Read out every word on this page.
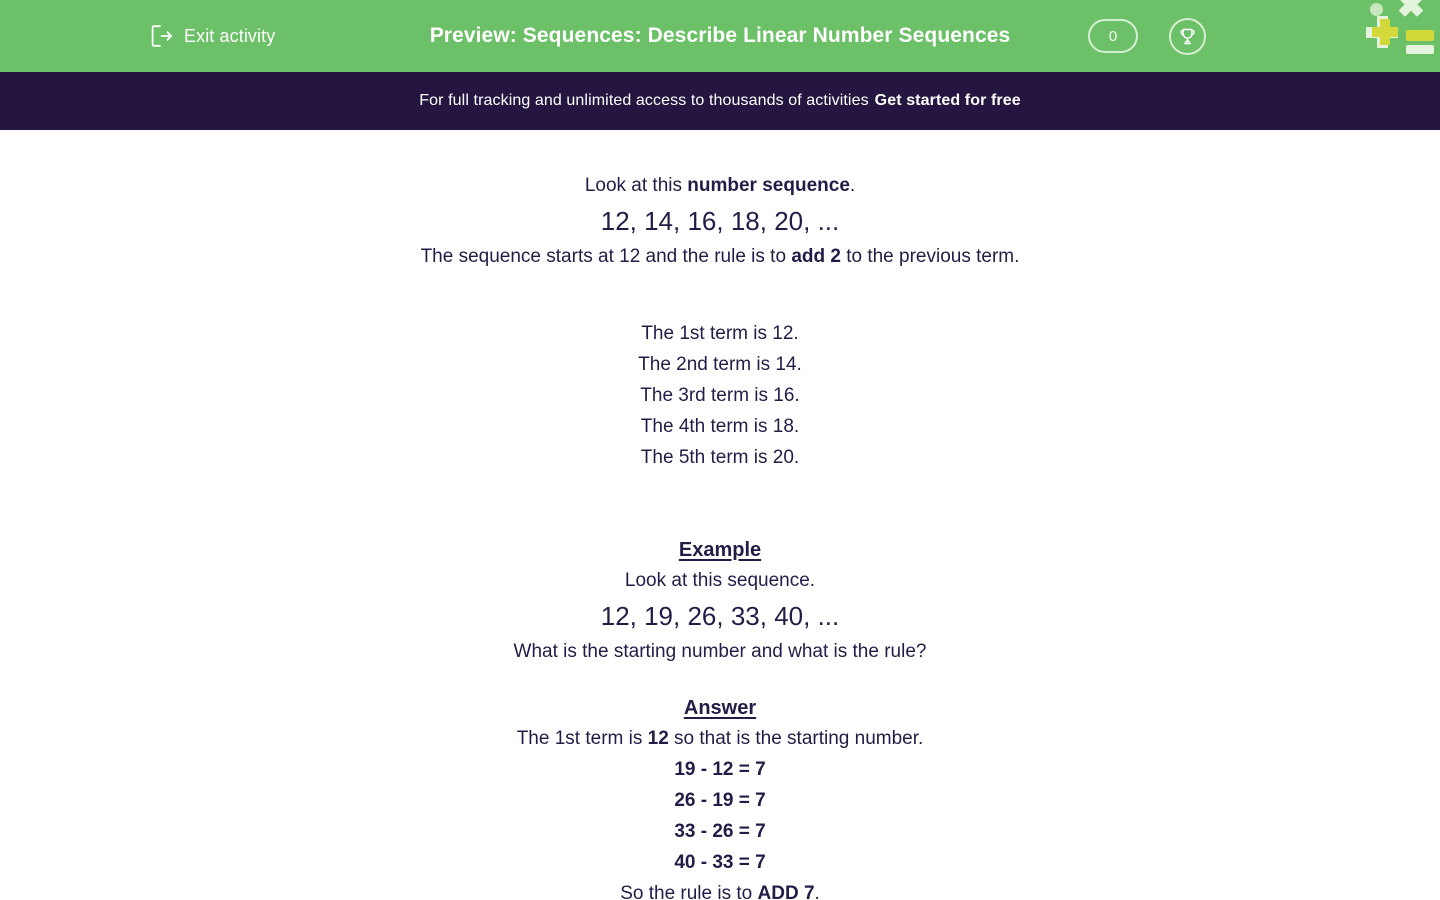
Exit activity	Preview: Sequences: Describe Linear Number Sequences	0
For full tracking and unlimited access to thousands of activities Get started for free
Look at this number sequence.
12, 14, 16, 18, 20, ...
The sequence starts at 12 and the rule is to add 2 to the previous term.
The 1st term is 12.
The 2nd term is 14.
The 3rd term is 16.
The 4th term is 18.
The 5th term is 20.
Example
Look at this sequence.
12, 19, 26, 33, 40, ...
What is the starting number and what is the rule?
Answer
The 1st term is 12 so that is the starting number.
19 - 12 = 7
26 - 19 = 7
33 - 26 = 7
40 - 33 = 7
So the rule is to ADD 7.
